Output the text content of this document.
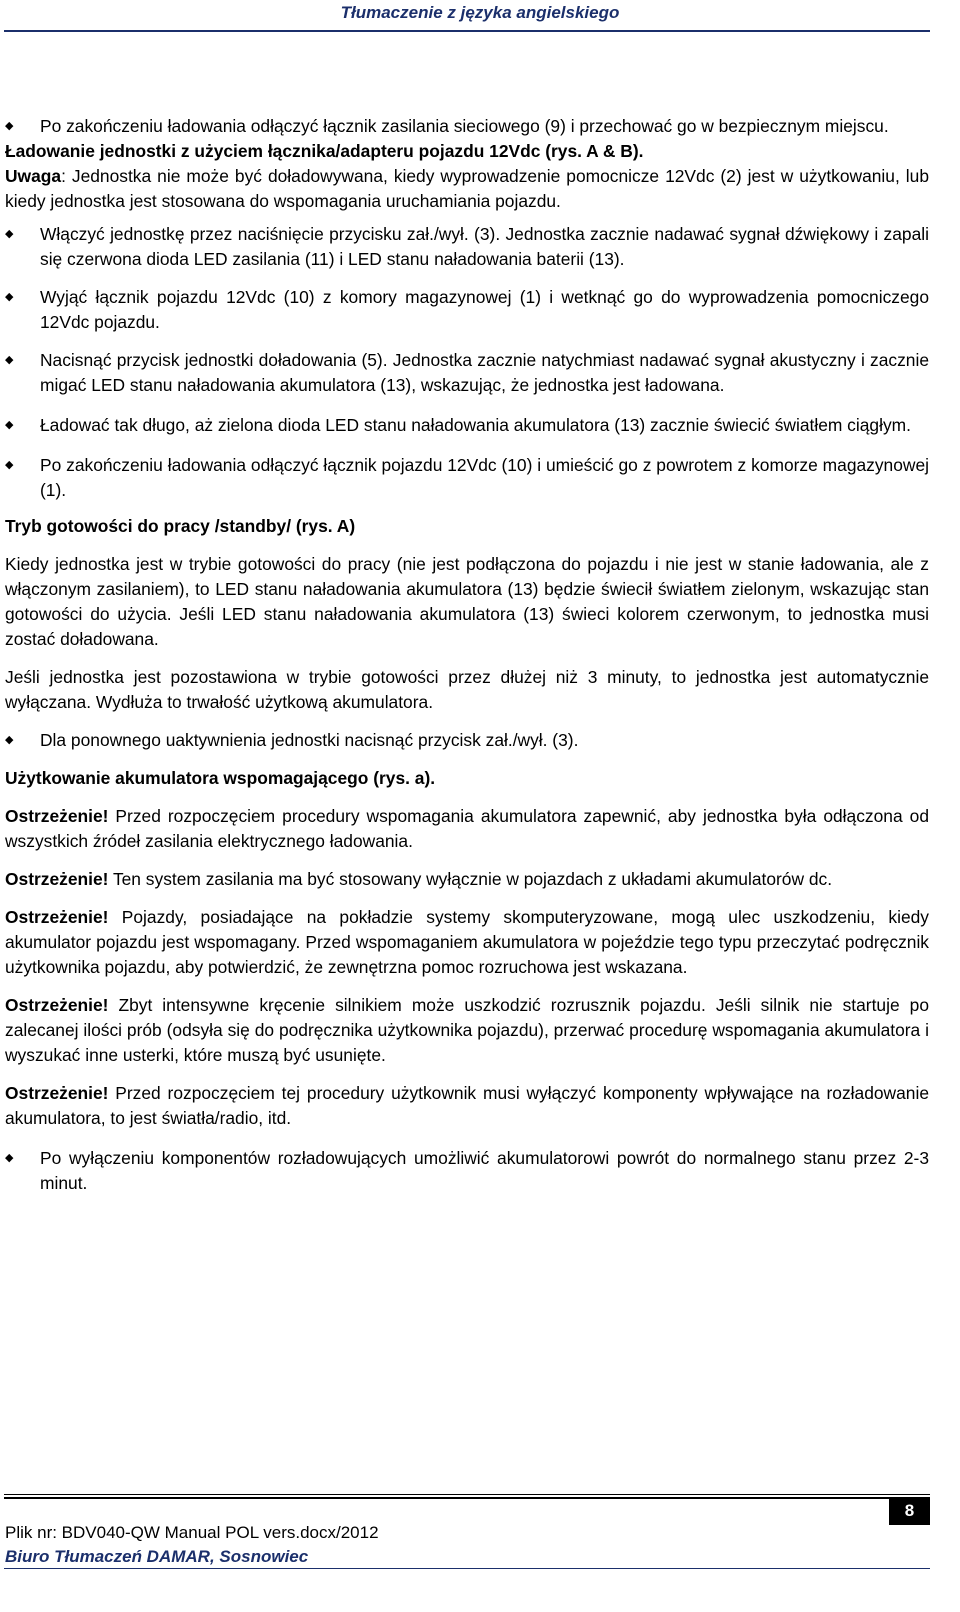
Tłumaczenie z języka angielskiego
◆	Po zakończeniu ładowania odłączyć łącznik zasilania sieciowego (9) i przechować go w bezpiecznym miejscu.

Ładowanie jednostki z użyciem łącznika/adapteru pojazdu 12Vdc (rys. A & B).

Uwaga: Jednostka nie może być doładowywana, kiedy wyprowadzenie pomocnicze 12Vdc (2) jest w użytkowaniu, lub kiedy jednostka jest stosowana do wspomagania uruchamiania pojazdu.

◆	Włączyć jednostkę przez naciśnięcie przycisku zał./wył. (3). Jednostka zacznie nadawać sygnał dźwiękowy i zapali się czerwona dioda LED zasilania (11) i LED stanu naładowania baterii (13).
◆	Wyjąć łącznik pojazdu 12Vdc (10) z komory magazynowej (1) i wetknąć go do wyprowadzenia pomocniczego 12Vdc pojazdu.
◆	Nacisnąć przycisk jednostki doładowania (5). Jednostka zacznie natychmiast nadawać sygnał akustyczny i zacznie migać LED stanu naładowania akumulatora (13), wskazując, że jednostka jest ładowana.
◆	Ładować tak długo, aż zielona dioda LED stanu naładowania akumulatora (13) zacznie świecić światłem ciągłym.
◆	Po zakończeniu ładowania odłączyć łącznik pojazdu 12Vdc (10) i umieścić go z powrotem z komorze magazynowej (1).

Tryb gotowości do pracy /standby/ (rys. A)

Kiedy jednostka jest w trybie gotowości do pracy (nie jest podłączona do pojazdu i nie jest w stanie ładowania, ale z włączonym zasilaniem), to LED stanu naładowania akumulatora (13) będzie świecił światłem zielonym, wskazując stan gotowości do użycia. Jeśli LED stanu naładowania akumulatora (13) świeci kolorem czerwonym, to jednostka musi zostać doładowana.

Jeśli jednostka jest pozostawiona w trybie gotowości przez dłużej niż 3 minuty, to jednostka jest automatycznie wyłączana. Wydłuża to trwałość użytkową akumulatora.

◆	Dla ponownego uaktywnienia jednostki nacisnąć przycisk zał./wył. (3).

Użytkowanie akumulatora wspomagającego (rys. a).

Ostrzeżenie! Przed rozpoczęciem procedury wspomagania akumulatora zapewnić, aby jednostka była odłączona od wszystkich źródeł zasilania elektrycznego ładowania.

Ostrzeżenie! Ten system zasilania ma być stosowany wyłącznie w pojazdach z układami akumulatorów dc.

Ostrzeżenie! Pojazdy, posiadające na pokładzie systemy skomputeryzowane, mogą ulec uszkodzeniu, kiedy akumulator pojazdu jest wspomagany. Przed wspomaganiem akumulatora w pojeździe tego typu przeczytać podręcznik użytkownika pojazdu, aby potwierdzić, że zewnętrzna pomoc rozruchowa jest wskazana.

Ostrzeżenie! Zbyt intensywne kręcenie silnikiem może uszkodzić rozrusznik pojazdu. Jeśli silnik nie startuje po zalecanej ilości prób (odsyła się do podręcznika użytkownika pojazdu), przerwać procedurę wspomagania akumulatora i wyszukać inne usterki, które muszą być usunięte.

Ostrzeżenie! Przed rozpoczęciem tej procedury użytkownik musi wyłączyć komponenty wpływające na rozładowanie akumulatora, to jest światła/radio, itd.

◆	Po wyłączeniu komponentów rozładowujących umożliwić akumulatorowi powrót do normalnego stanu przez 2-3 minut.
8
Plik nr: BDV040-QW Manual POL vers.docx/2012
Biuro Tłumaczeń DAMAR, Sosnowiec
